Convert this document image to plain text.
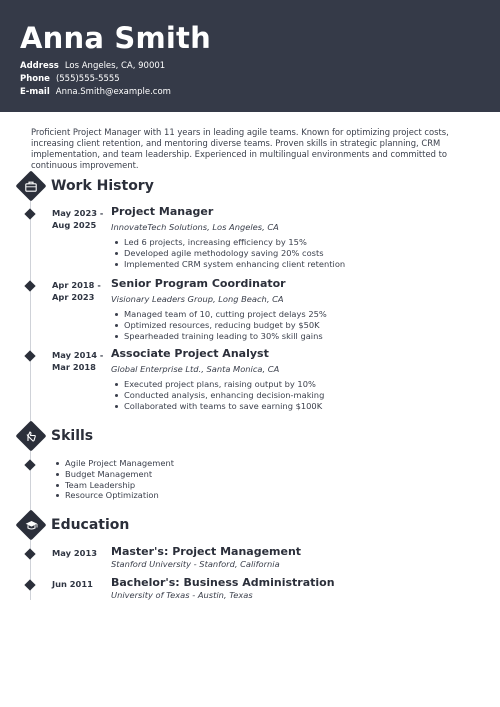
Anna Smith
Address Los Angeles, CA, 90001
Phone (555)555-5555
E-mail Anna.Smith@example.com
Proficient Project Manager with 11 years in leading agile teams. Known for optimizing project costs, increasing client retention, and mentoring diverse teams. Proven skills in strategic planning, CRM implementation, and team leadership. Experienced in multilingual environments and committed to continuous improvement.
Work History
May 2023 -
Aug 2025
Project Manager
InnovateTech Solutions, Los Angeles, CA
Led 6 projects, increasing efficiency by 15%
Developed agile methodology saving 20% costs
Implemented CRM system enhancing client retention
Apr 2018 -
Apr 2023
Senior Program Coordinator
Visionary Leaders Group, Long Beach, CA
Managed team of 10, cutting project delays 25%
Optimized resources, reducing budget by $50K
Spearheaded training leading to 30% skill gains
May 2014 -
Mar 2018
Associate Project Analyst
Global Enterprise Ltd., Santa Monica, CA
Executed project plans, raising output by 10%
Conducted analysis, enhancing decision-making
Collaborated with teams to save earning $100K
Skills
Agile Project Management
Budget Management
Team Leadership
Resource Optimization
Education
May 2013	Master's: Project Management
Stanford University - Stanford, California
Jun 2011	Bachelor's: Business Administration
University of Texas - Austin, Texas
